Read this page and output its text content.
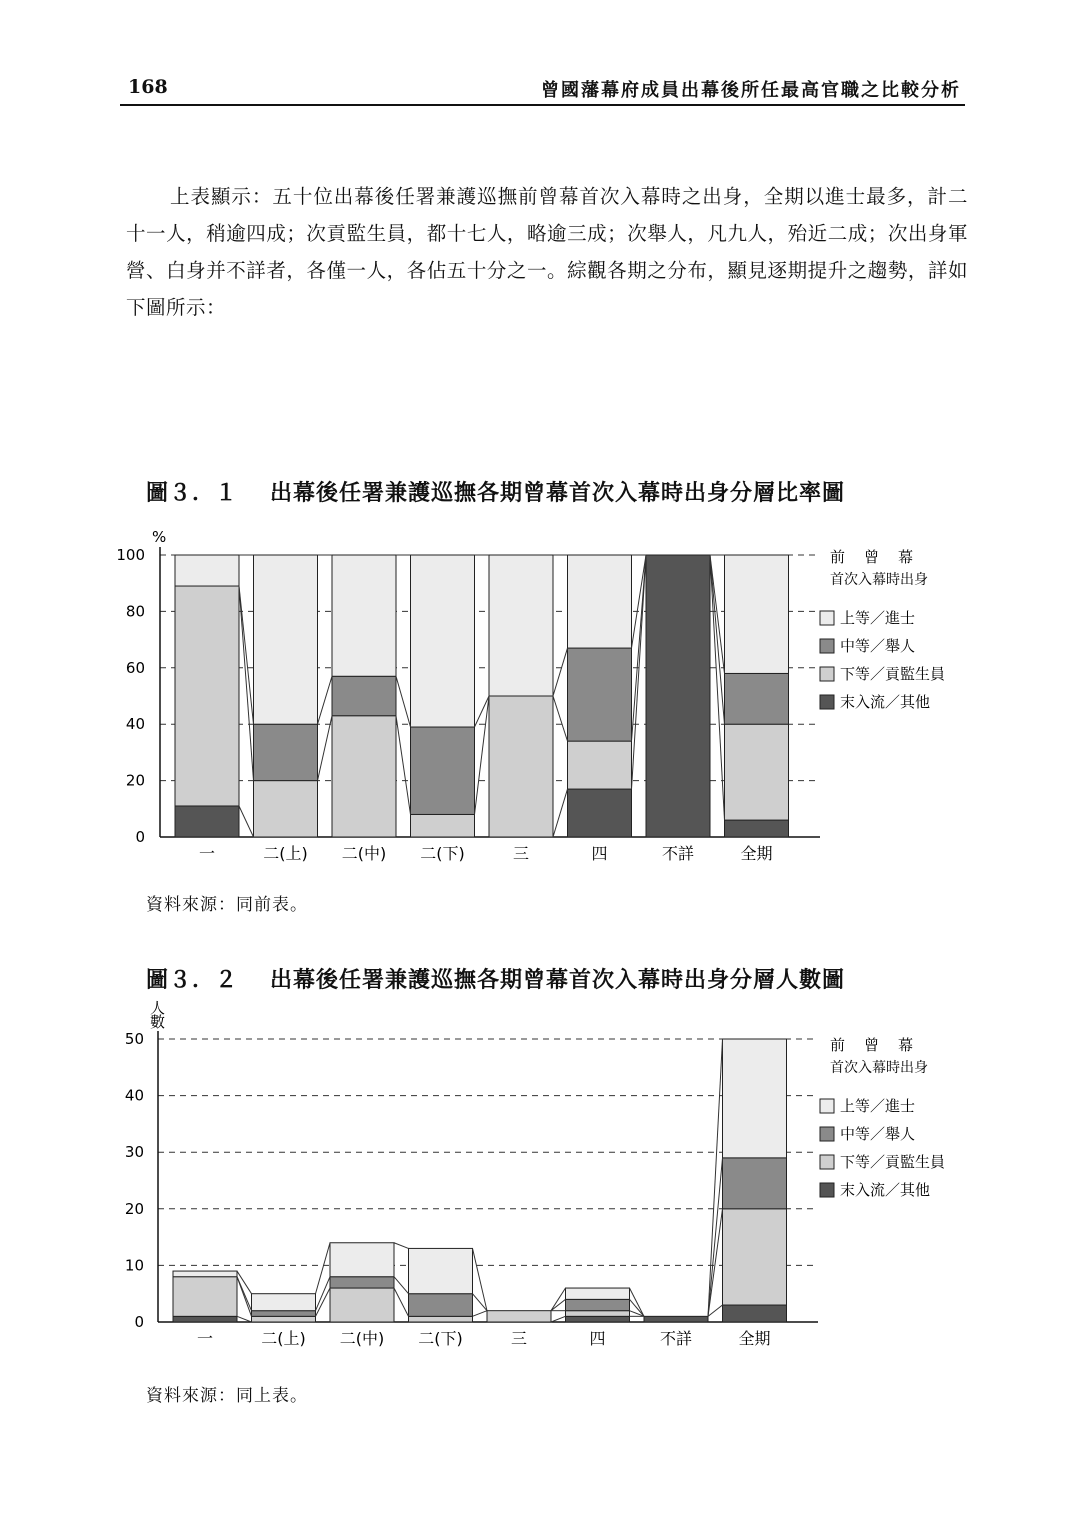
168	曾國藩幕府成員出幕後所任最高官職之比較分析

上表顯示：五十位出幕後任署兼護巡撫前曾幕首次入幕時之出身，全期以進士最多，計二十一人，稍逾四成；次貢監生員，都十七人，略逾三成；次舉人，凡九人，殆近二成；次出身軍營、白身并不詳者，各僅一人，各佔五十分之一。綜觀各期之分布，顯見逐期提升之趨勢，詳如下圖所示：

圖３．１ 出幕後任署兼護巡撫各期曾幕首次入幕時出身分層比率圖
%
0
20
40
60
80
100
一	二(上) 二(中) 二(下)	三	四	不詳	全期
前　曾　幕
首次入幕時出身
上等／進士
中等／舉人
下等／貢監生員
末入流／其他
資料來源：同前表。
圖３．２ 出幕後任署兼護巡撫各期曾幕首次入幕時出身分層人數圖
人數
0
10
20
30
40
50
一	二(上) 二(中) 二(下)	三	四	不詳	全期
前　曾　幕
首次入幕時出身
上等／進士
中等／舉人
下等／貢監生員
末入流／其他
資料來源：同上表。
